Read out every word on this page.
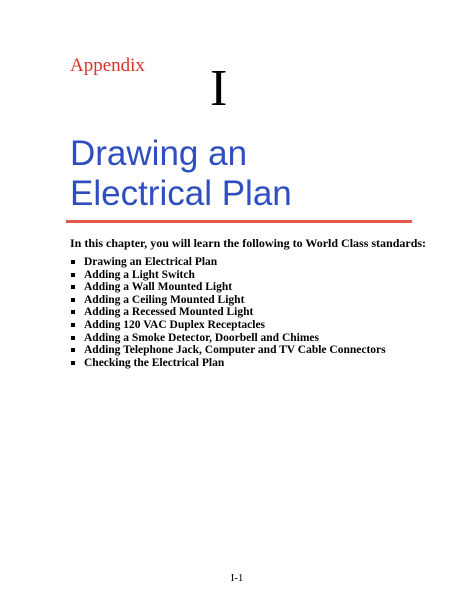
Appendix I
Drawing an
Electrical Plan
In this chapter, you will learn the following to World Class standards:
Drawing an Electrical Plan
Adding a Light Switch
Adding a Wall Mounted Light
Adding a Ceiling Mounted Light
Adding a Recessed Mounted Light
Adding 120 VAC Duplex Receptacles
Adding a Smoke Detector, Doorbell and Chimes
Adding Telephone Jack, Computer and TV Cable Connectors
Checking the Electrical Plan
I-1
